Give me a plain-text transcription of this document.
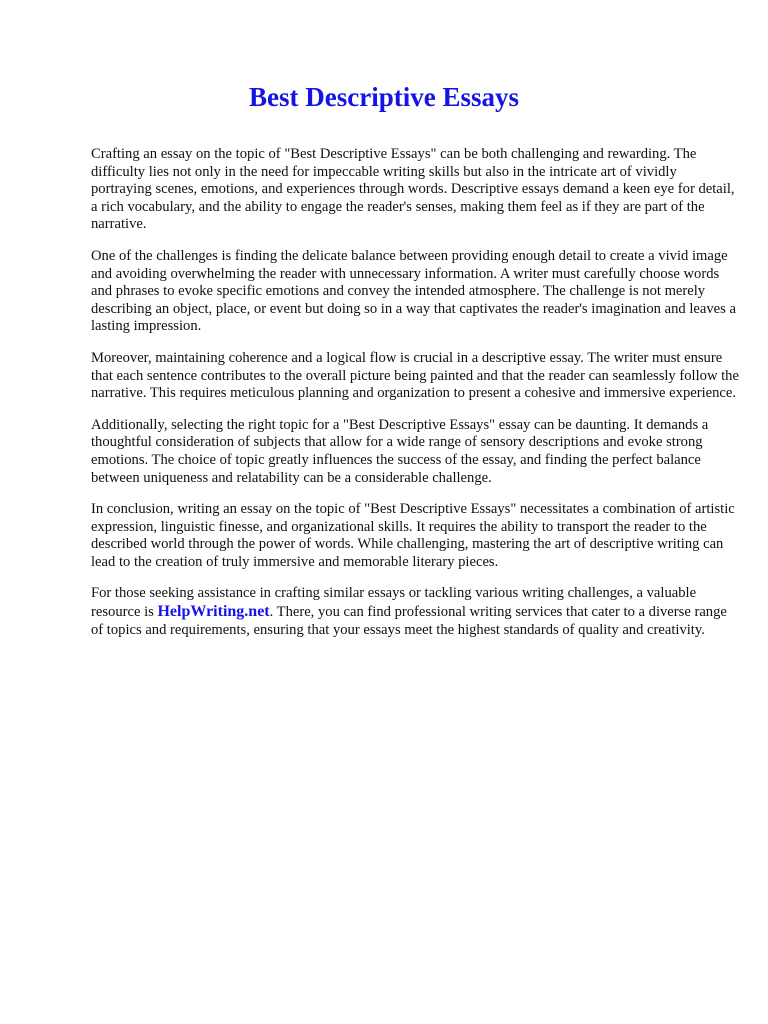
Best Descriptive Essays

Crafting an essay on the topic of "Best Descriptive Essays" can be both challenging and rewarding. The difficulty lies not only in the need for impeccable writing skills but also in the intricate art of vividly portraying scenes, emotions, and experiences through words. Descriptive essays demand a keen eye for detail, a rich vocabulary, and the ability to engage the reader's senses, making them feel as if they are part of the narrative.

One of the challenges is finding the delicate balance between providing enough detail to create a vivid image and avoiding overwhelming the reader with unnecessary information. A writer must carefully choose words and phrases to evoke specific emotions and convey the intended atmosphere. The challenge is not merely describing an object, place, or event but doing so in a way that captivates the reader's imagination and leaves a lasting impression.

Moreover, maintaining coherence and a logical flow is crucial in a descriptive essay. The writer must ensure that each sentence contributes to the overall picture being painted and that the reader can seamlessly follow the narrative. This requires meticulous planning and organization to present a cohesive and immersive experience.

Additionally, selecting the right topic for a "Best Descriptive Essays" essay can be daunting. It demands a thoughtful consideration of subjects that allow for a wide range of sensory descriptions and evoke strong emotions. The choice of topic greatly influences the success of the essay, and finding the perfect balance between uniqueness and relatability can be a considerable challenge.

In conclusion, writing an essay on the topic of "Best Descriptive Essays" necessitates a combination of artistic expression, linguistic finesse, and organizational skills. It requires the ability to transport the reader to the described world through the power of words. While challenging, mastering the art of descriptive writing can lead to the creation of truly immersive and memorable literary pieces.

For those seeking assistance in crafting similar essays or tackling various writing challenges, a valuable resource is HelpWriting.net. There, you can find professional writing services that cater to a diverse range of topics and requirements, ensuring that your essays meet the highest standards of quality and creativity.
